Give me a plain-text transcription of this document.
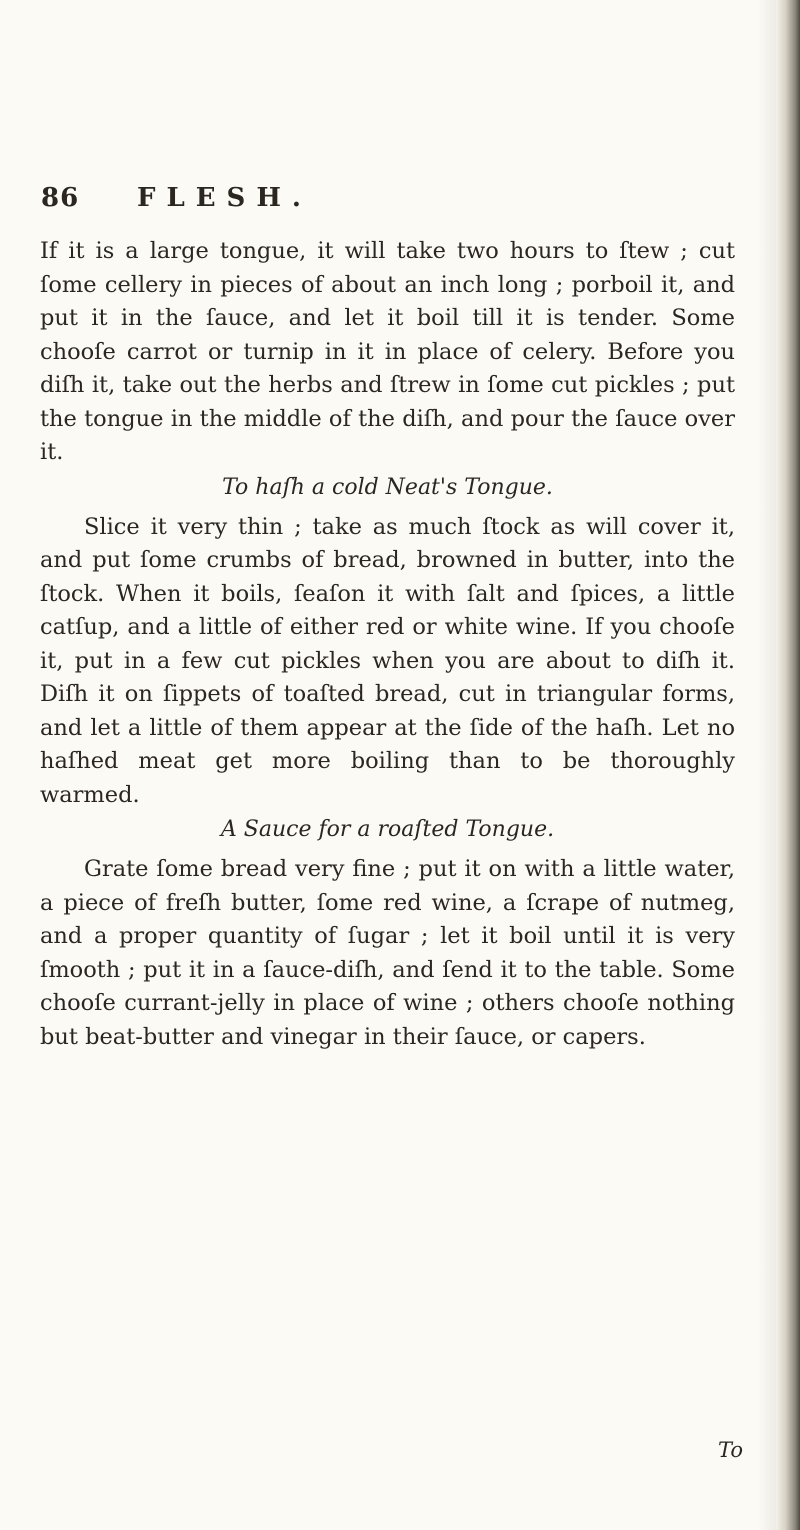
86 FLESH.

If it is a large tongue, it will take two hours to ſtew ; cut ſome cellery in pieces of about an inch long ; porboil it, and put it in the ſauce, and let it boil till it is tender. Some chooſe carrot or turnip in it in place of celery. Before you diſh it, take out the herbs and ſtrew in ſome cut pickles ; put the tongue in the middle of the diſh, and pour the ſauce over it.

To haſh a cold Neat's Tongue.

Slice it very thin ; take as much ſtock as will cover it, and put ſome crumbs of bread, browned in butter, into the ſtock. When it boils, ſeaſon it with ſalt and ſpices, a little catſup, and a little of either red or white wine. If you chooſe it, put in a few cut pickles when you are about to diſh it. Diſh it on ſippets of toaſted bread, cut in triangular forms, and let a little of them appear at the ſide of the haſh. Let no haſhed meat get more boiling than to be thoroughly warmed.

A Sauce for a roaſted Tongue.

Grate ſome bread very fine ; put it on with a little water, a piece of freſh butter, ſome red wine, a ſcrape of nutmeg, and a proper quantity of ſugar ; let it boil until it is very ſmooth ; put it in a ſauce-diſh, and ſend it to the table. Some chooſe currant-jelly in place of wine ; others chooſe nothing but beat-butter and vinegar in their ſauce, or capers.

To
